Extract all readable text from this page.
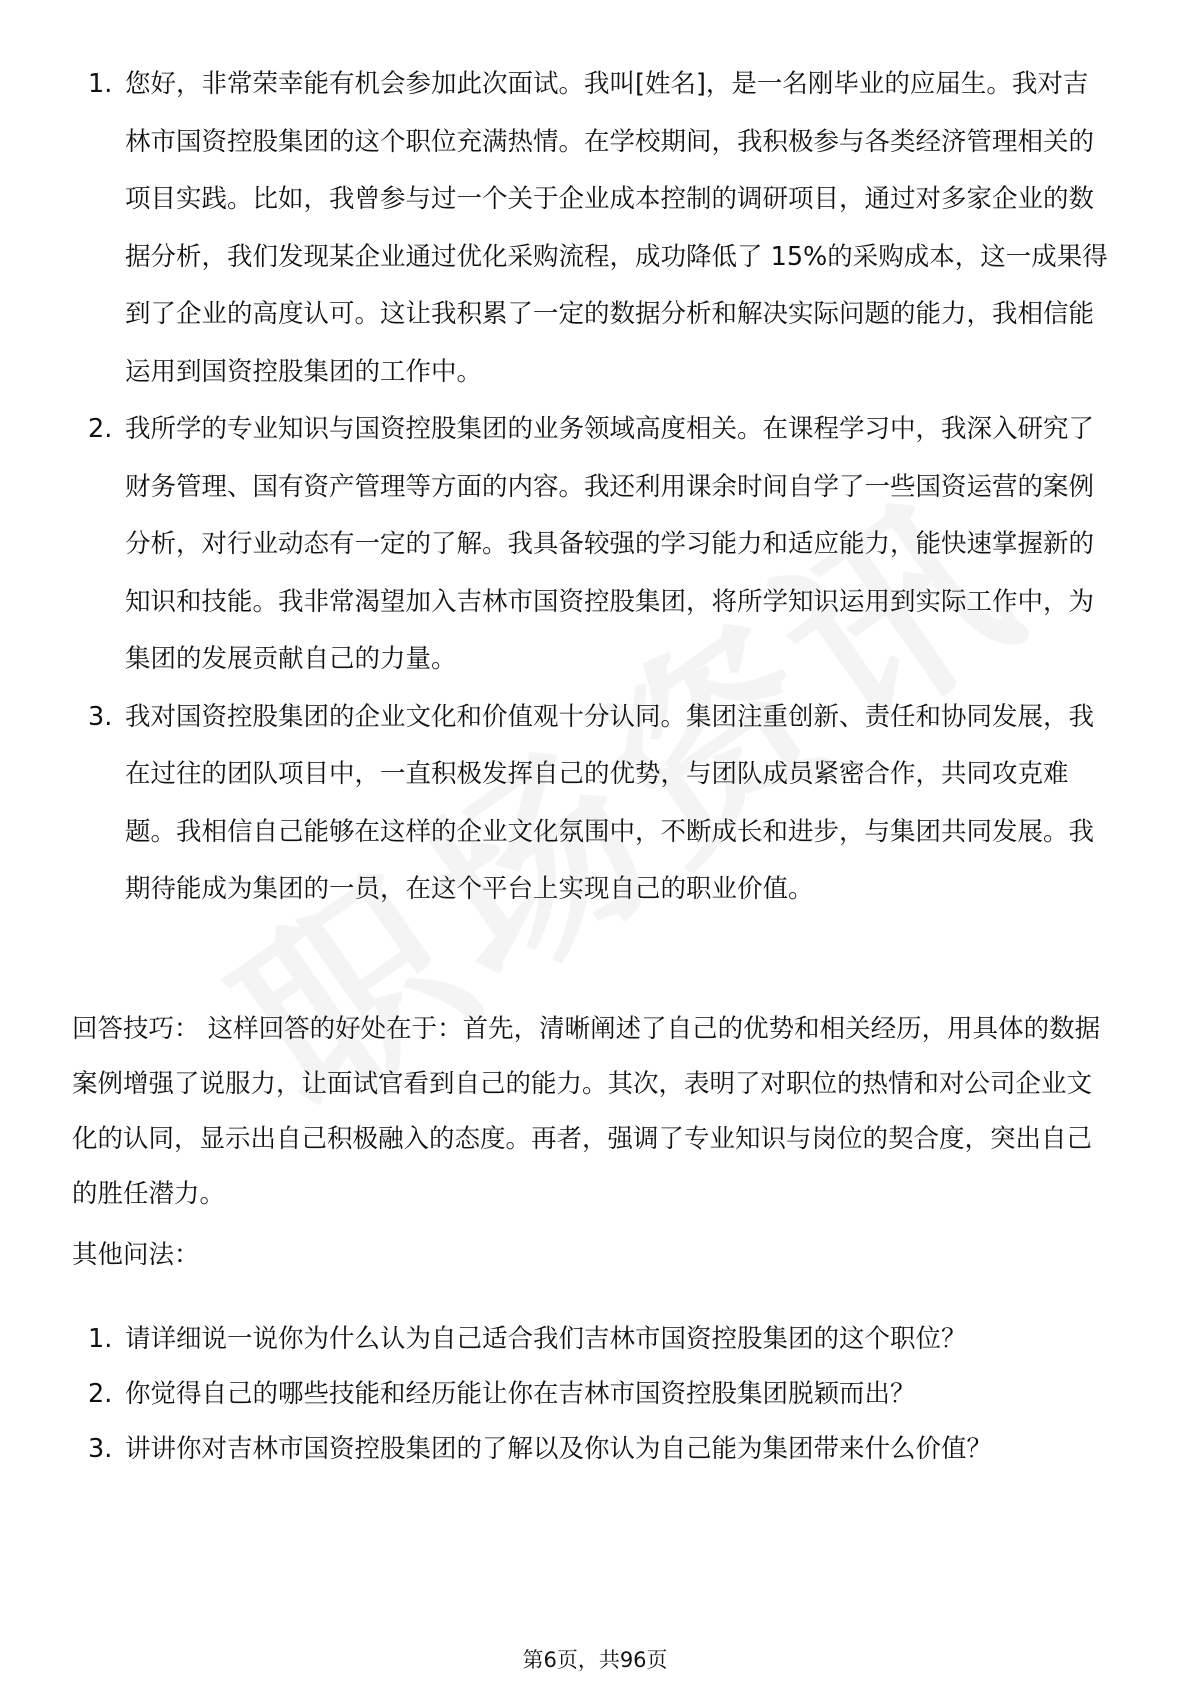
1. 您好，非常荣幸能有机会参加此次面试。我叫[姓名]，是一名刚毕业的应届生。我对吉林市国资控股集团的这个职位充满热情。在学校期间，我积极参与各类经济管理相关的项目实践。比如，我曾参与过一个关于企业成本控制的调研项目，通过对多家企业的数据分析，我们发现某企业通过优化采购流程，成功降低了 15%的采购成本，这一成果得到了企业的高度认可。这让我积累了一定的数据分析和解决实际问题的能力，我相信能运用到国资控股集团的工作中。
2. 我所学的专业知识与国资控股集团的业务领域高度相关。在课程学习中，我深入研究了财务管理、国有资产管理等方面的内容。我还利用课余时间自学了一些国资运营的案例分析，对行业动态有一定的了解。我具备较强的学习能力和适应能力，能快速掌握新的知识和技能。我非常渴望加入吉林市国资控股集团，将所学知识运用到实际工作中，为集团的发展贡献自己的力量。
3. 我对国资控股集团的企业文化和价值观十分认同。集团注重创新、责任和协同发展，我在过往的团队项目中，一直积极发挥自己的优势，与团队成员紧密合作，共同攻克难题。我相信自己能够在这样的企业文化氛围中，不断成长和进步，与集团共同发展。我期待能成为集团的一员，在这个平台上实现自己的职业价值。
回答技巧： 这样回答的好处在于：首先，清晰阐述了自己的优势和相关经历，用具体的数据案例增强了说服力，让面试官看到自己的能力。其次，表明了对职位的热情和对公司企业文化的认同，显示出自己积极融入的态度。再者，强调了专业知识与岗位的契合度，突出自己的胜任潜力。
其他问法：
1. 请详细说一说你为什么认为自己适合我们吉林市国资控股集团的这个职位？
2. 你觉得自己的哪些技能和经历能让你在吉林市国资控股集团脱颖而出？
3. 讲讲你对吉林市国资控股集团的了解以及你认为自己能为集团带来什么价值？
第6页，共96页
